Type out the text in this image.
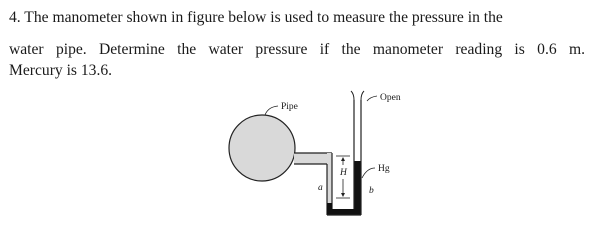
4. The manometer shown in figure below is used to measure the pressure in the
water pipe. Determine the water pressure if the manometer reading is 0.6 m.
Mercury is 13.6.
H
Pipe
Open
Hg
a	b
